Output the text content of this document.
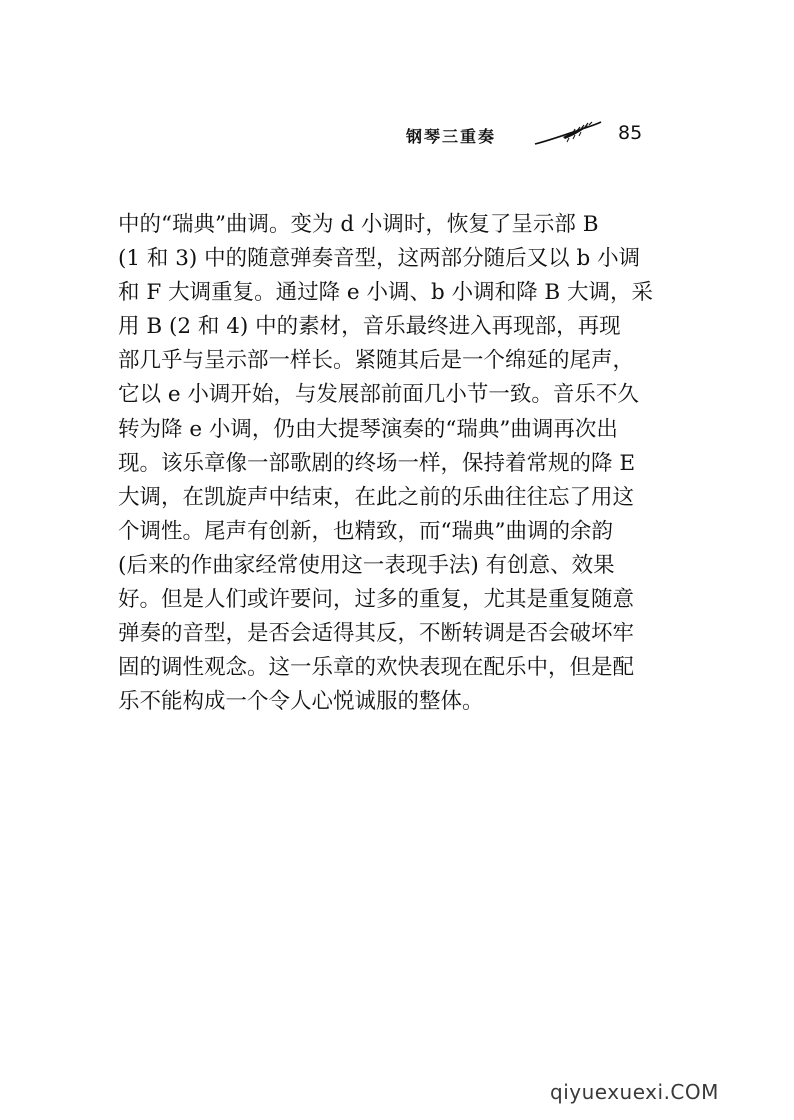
钢琴三重奏	85
中的“瑞典”曲调。变为 d 小调时，恢复了呈示部 B
(1 和 3) 中的随意弹奏音型，这两部分随后又以 b 小调
和 F 大调重复。通过降 e 小调、b 小调和降 B 大调，采
用 B (2 和 4) 中的素材，音乐最终进入再现部，再现
部几乎与呈示部一样长。紧随其后是一个绵延的尾声，
它以 e 小调开始，与发展部前面几小节一致。音乐不久
转为降 e 小调，仍由大提琴演奏的“瑞典”曲调再次出
现。该乐章像一部歌剧的终场一样，保持着常规的降 E
大调，在凯旋声中结束，在此之前的乐曲往往忘了用这
个调性。尾声有创新，也精致，而“瑞典”曲调的余韵
(后来的作曲家经常使用这一表现手法) 有创意、效果
好。但是人们或许要问，过多的重复，尤其是重复随意
弹奏的音型，是否会适得其反，不断转调是否会破坏牢
固的调性观念。这一乐章的欢快表现在配乐中，但是配
乐不能构成一个令人心悦诚服的整体。
qiyuexuexi.COM
